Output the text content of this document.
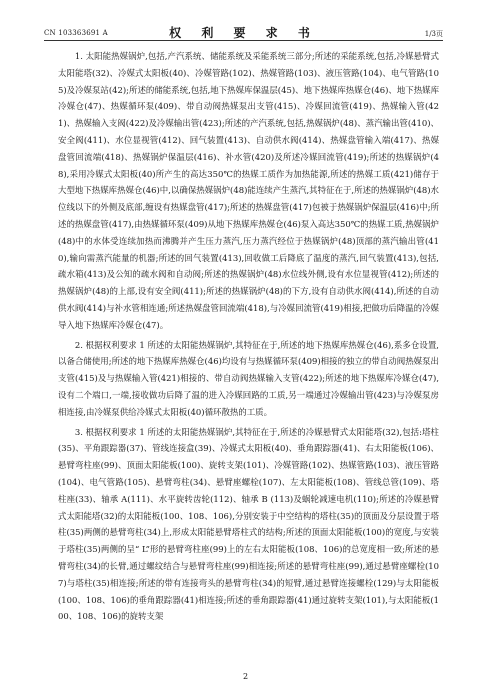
CN 103363691 A	权 利 要 求 书	1/3页

1. 太阳能热媒锅炉,包括,产汽系统、储能系统及采能系统三部分;所述的采能系统,包括,冷媒悬臂式太阳能塔(32)、冷媒式太阳板(40)、冷媒管路(102)、热媒管路(103)、液压管路(104)、电气管路(105)及冷媒泵站(42);所述的储能系统,包括,地下热媒库保温层(45)、地下热媒库热媒仓(46)、地下热媒库冷媒仓(47)、热媒循环泵(409)、带自动阀热媒泵出支管(415)、冷媒回流管(419)、热媒输入管(421)、热媒输入支阀(422)及冷媒输出管(423);所述的产汽系统,包括,热媒锅炉(48)、蒸汽输出管(410)、安全阀(411)、水位显视管(412)、回气装置(413)、自动供水阀(414)、热媒盘管输入端(417)、热媒盘管回流端(418)、热媒锅炉保温层(416)、补水管(420)及所述冷媒回流管(419);所述的热媒锅炉(48),采用冷媒式太阳板(40)所产生的高达350℃的热媒工质作为加热能源,所述的热媒工质(421)储存于大型地下热媒库热媒仓(46)中,以确保热媒锅炉(48)能连续产生蒸汽,其特征在于,所述的热媒锅炉(48)水位线以下的外侧及底部,缠设有热媒盘管(417);所述的热媒盘管(417)包被于热媒锅炉保温层(416)中;所述的热媒盘管(417),由热媒循环泵(409)从地下热媒库热媒仓(46)泵入高达350℃的热媒工质,热媒锅炉(48)中的水体受连续加热而沸腾并产生压力蒸汽,压力蒸汽经位于热媒锅炉(48)顶部的蒸汽输出管(410),输向需蒸汽能量的机器;所述的回气装置(413),回收做工后降底了温度的蒸汽,回气装置(413),包括,疏水箱(413)及公知的疏水阀和自动阀;所述的热媒锅炉(48)水位线外侧,设有水位显视管(412);所述的热媒锅炉(48)的上部,设有安全阀(411);所述的热媒锅炉(48)的下方,设有自动供水阀(414),所述的自动供水阀(414)与补水管相连通;所述热媒盘管回流端(418),与冷媒回流管(419)相接,把做功后降温的冷媒导入地下热媒库冷媒仓(47)。

2. 根据权利要求 1 所述的太阳能热媒锅炉,其特征在于,所述的地下热媒库热媒仓(46),系多仓设置,以备合储使用;所述的地下热媒库热媒仓(46)均设有与热媒循环泵(409)相接的独立的带自动阀热媒泵出支管(415)及与热媒输入管(421)相接的、带自动阀热媒输入支管(422);所述的地下热媒库冷媒仓(47),设有二个端口,一端,接收做功后降了温的进入冷媒回路的工质,另一端通过冷媒输出管(423)与冷媒泵房相连接,由冷媒泵供给冷媒式太阳板(40)循环散热的工质。

3. 根据权利要求 1 所述的太阳能热媒锅炉,其特征在于,所述的冷媒悬臂式太阳能塔(32),包括:塔柱(35)、平角跟踪器(37)、管线连接盒(39)、冷媒式太阳板(40)、垂角跟踪器(41)、右太阳能板(106)、悬臂弯柱座(99)、顶面太阳能板(100)、旋转支架(101)、冷媒管路(102)、热媒管路(103)、液压管路(104)、电气管路(105)、悬臂弯柱(34)、悬臂座螺栓(107)、左太阳能板(108)、管线总管(109)、塔柱座(33)、轴承 A(111)、水平旋转齿轮(112)、轴承 B (113)及蜗轮减速电机(110);所述的冷媒悬臂式太阳能塔(32)的太阳能板(100、108、106),分别安装于中空结构的塔柱(35)的顶面及分层设置于塔柱(35)两侧的悬臂弯柱(34)上,形成太阳能悬臂塔柱式的结构;所述的顶面太阳能板(100)的宽度,与安装于塔柱(35)两侧的呈“ L”形的悬臂弯柱座(99)上的左右太阳能板(108、106)的总宽度相一致;所述的悬臂弯柱(34)的长臂,通过螺纹结合与悬臂弯柱座(99)相连接;所述的悬臂弯柱座(99),通过悬臂座螺栓(107)与塔柱(35)相连接;所述的带有连接弯头的悬臂弯柱(34)的短臂,通过悬臂连接螺栓(129)与太阳能板(100、108、106)的垂角跟踪器(41)相连接;所述的垂角跟踪器(41)通过旋转支架(101),与太阳能板(100、108、106)的旋转支架

2
